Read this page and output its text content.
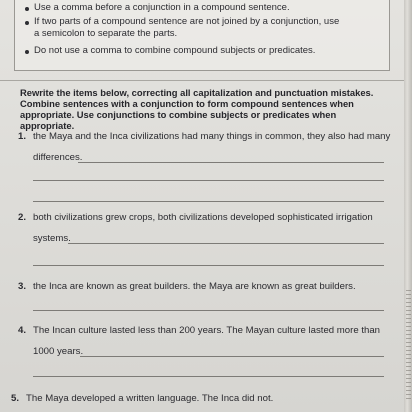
Use a comma before a conjunction in a compound sentence.
If two parts of a compound sentence are not joined by a conjunction, use
a semicolon to separate the parts.
Do not use a comma to combine compound subjects or predicates.
Rewrite the items below, correcting all capitalization and punctuation mistakes.
Combine sentences with a conjunction to form compound sentences when
appropriate. Use conjunctions to combine subjects or predicates when appropriate.
1. the Maya and the Inca civilizations had many things in common, they also had many
differences.
2. both civilizations grew crops, both civilizations developed sophisticated irrigation
systems.
3. the Inca are known as great builders. the Maya are known as great builders.
4. The Incan culture lasted less than 200 years. The Mayan culture lasted more than
1000 years.
5. The Maya developed a written language. The Inca did not.
